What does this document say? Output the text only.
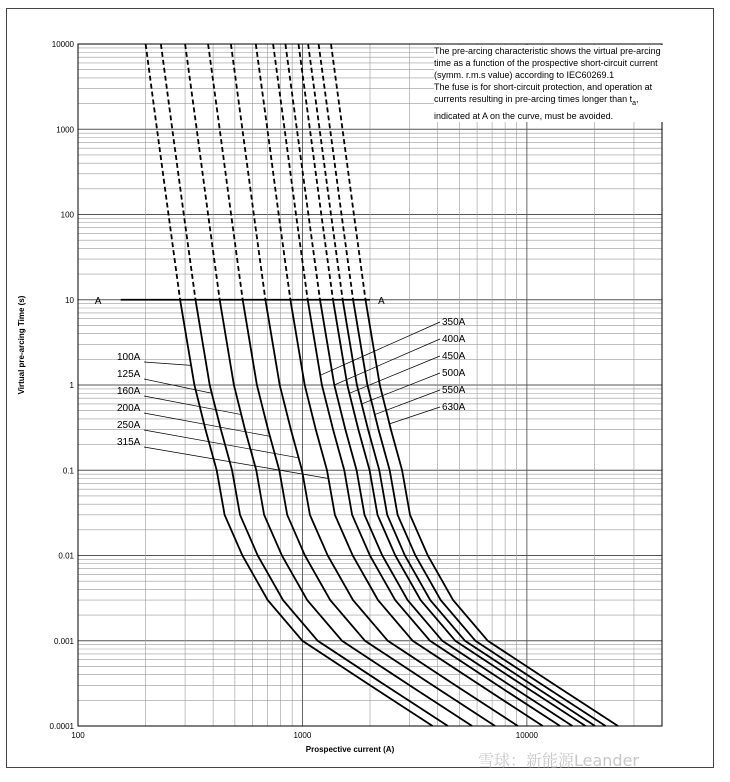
10000
1000
100
10
1
0.1
0.01
0.001
0.0001
100	1000	10000
Prospective current (A)
Virtual pre-arcing Time (s)	A	A
100A
125A
160A
200A
250A
315A
350A
400A
450A
500A
550A
630A
The pre-arcing characteristic shows the virtual pre-arcing time as a function of the prospective short-circuit current (symm. r.m.s value) according to IEC60269.1
The fuse is for short-circuit protection, and operation at currents resulting in pre-arcing times longer than $t_a$, indicated at A on the curve, must be avoided.
雪球：新能源Leander
